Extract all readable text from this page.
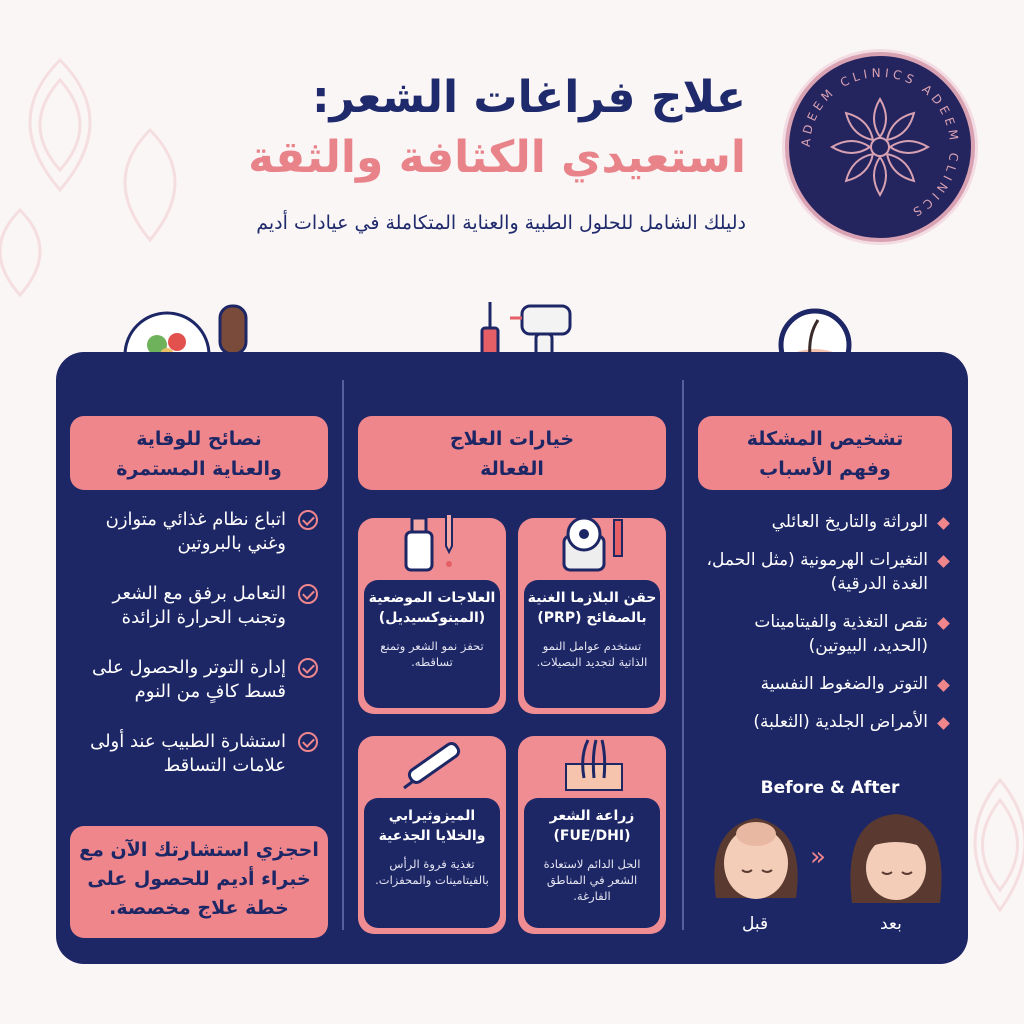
علاج فراغات الشعر:
استعيدي الكثافة والثقة
دليلك الشامل للحلول الطبية والعناية المتكاملة في عيادات أديم
ADEEM CLINICS ADEEM CLINICS
تشخيص المشكلة
وفهم الأسباب
الوراثة والتاريخ العائلي
التغيرات الهرمونية (مثل الحمل، الغدة الدرقية)
نقص التغذية والفيتامينات (الحديد، البيوتين)
التوتر والضغوط النفسية
الأمراض الجلدية (الثعلبة)
Before & After
»
قبل	بعد
خيارات العلاج
الفعالة
حقن البلازما الغنية بالصفائح (PRP)
تستخدم عوامل النمو الذاتية لتجديد البصيلات.
العلاجات الموضعية (المينوكسيديل)
تحفز نمو الشعر وتمنع تساقطه.
زراعة الشعر (FUE/DHI)
الحل الدائم لاستعادة الشعر في المناطق الفارغة.
الميزوثيرابي والخلايا الجذعية
تغذية فروة الرأس بالفيتامينات والمحفزات.
نصائح للوقاية
والعناية المستمرة
اتباع نظام غذائي متوازن وغني بالبروتين
التعامل برفق مع الشعر وتجنب الحرارة الزائدة
إدارة التوتر والحصول على قسط كافٍ من النوم
استشارة الطبيب عند أولى علامات التساقط
احجزي استشارتك الآن مع خبراء أديم للحصول على خطة علاج مخصصة.
